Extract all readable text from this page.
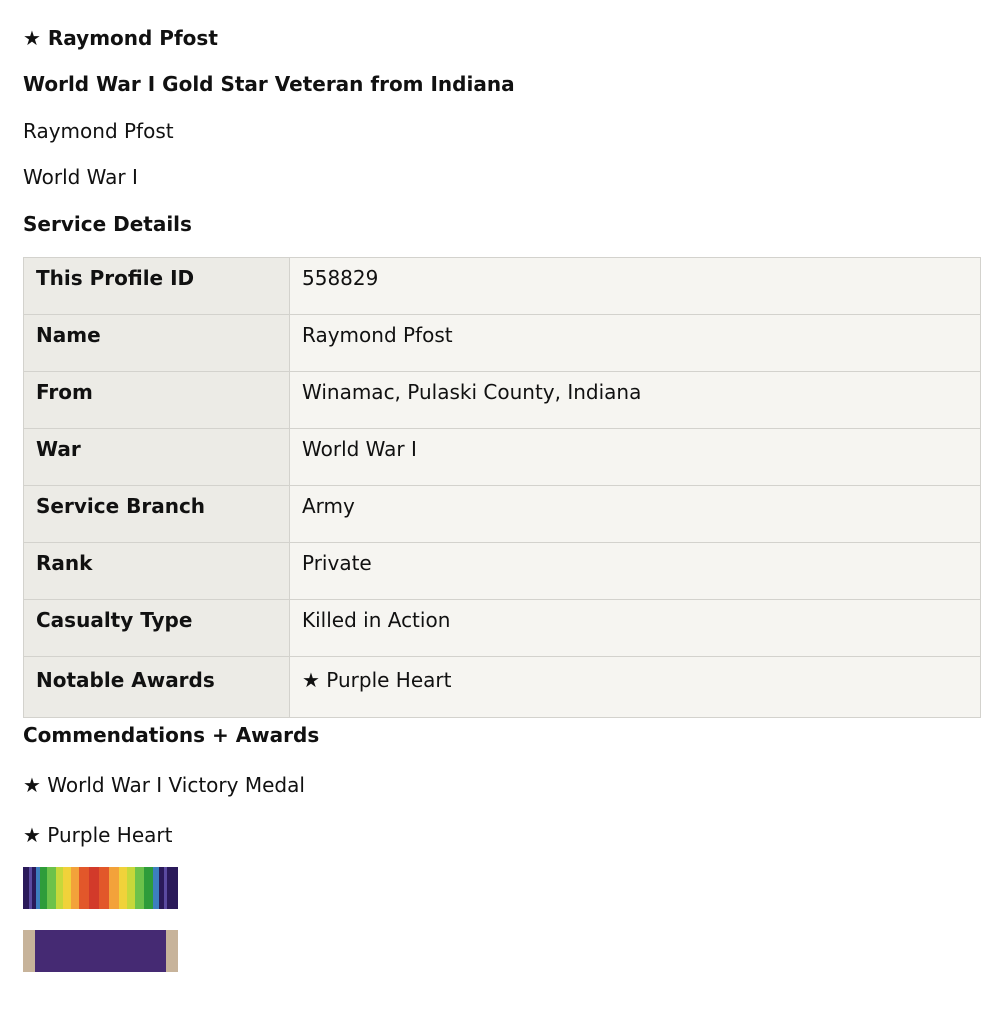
★ Raymond Pfost
World War I Gold Star Veteran from Indiana
Raymond Pfost
World War I
Service Details
This Profile ID	558829
Name	Raymond Pfost
From	Winamac, Pulaski County, Indiana
War	World War I
Service Branch	Army
Rank	Private
Casualty Type	Killed in Action
Notable Awards	★ Purple Heart
Commendations + Awards
★ World War I Victory Medal
★ Purple Heart
